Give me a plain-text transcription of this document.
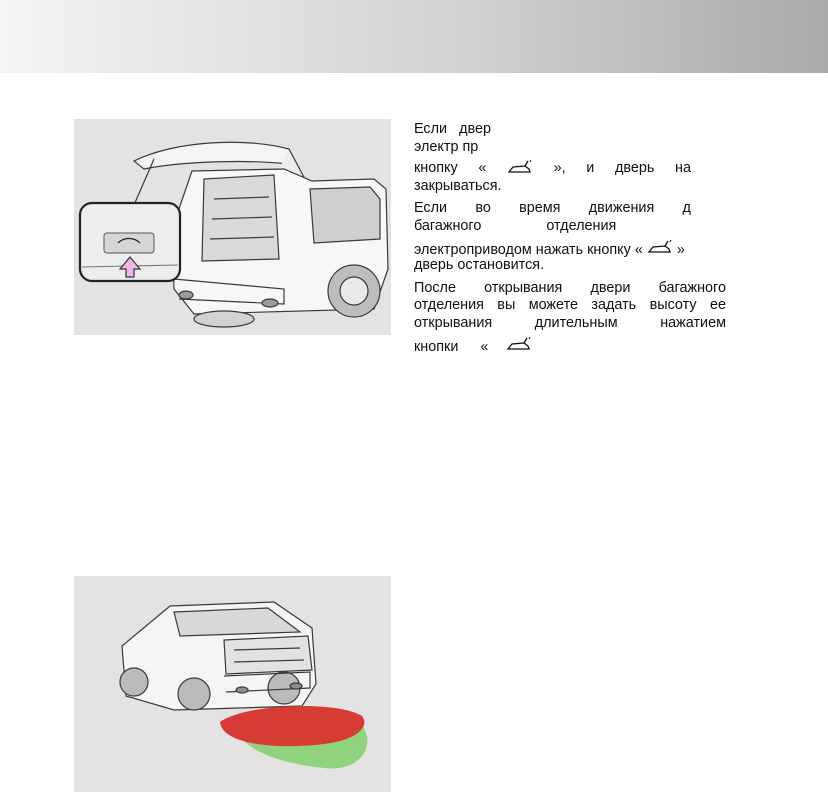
Если двер
электр пр
кнопку «	», и дверь на
закрываться.
Если во время движения д
багажного	отделения
электроприводом нажать кнопку « »
дверь остановится.
После открывания двери багажного
отделения вы можете задать высоту ее
открывания	длительным	нажатием
кнопки «
